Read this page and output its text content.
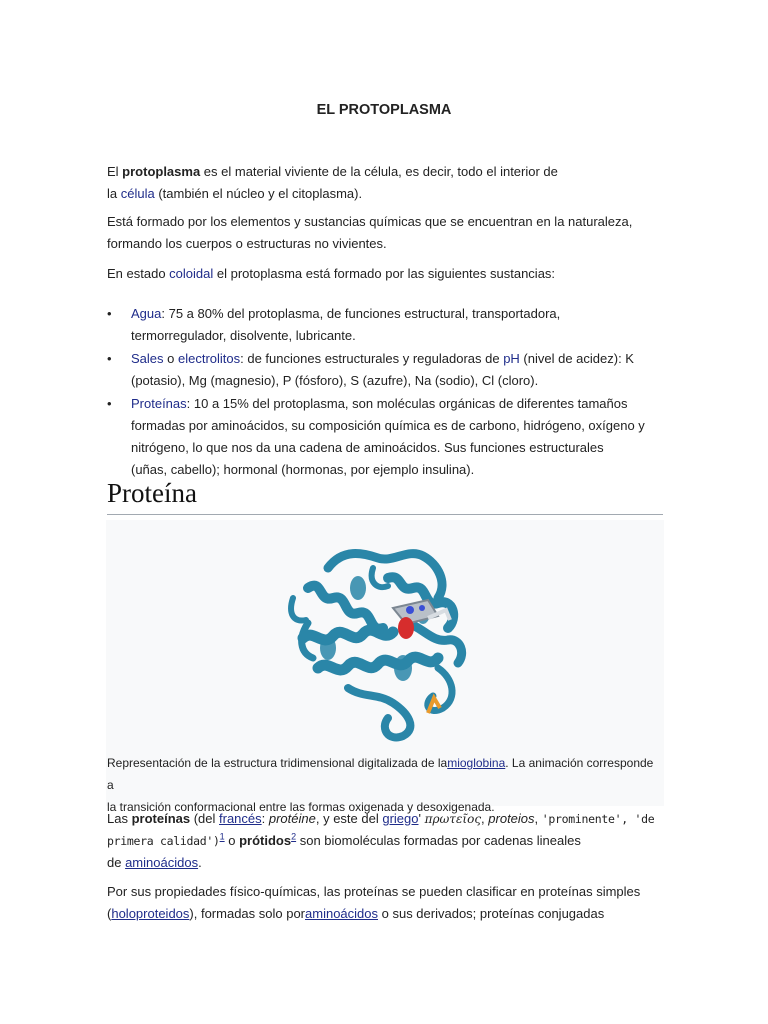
EL PROTOPLASMA

El protoplasma es el material viviente de la célula, es decir, todo el interior de
la célula (también el núcleo y el citoplasma).

Está formado por los elementos y sustancias químicas que se encuentran en la naturaleza,
formando los cuerpos o estructuras no vivientes.

En estado coloidal el protoplasma está formado por las siguientes sustancias:

• Agua: 75 a 80% del protoplasma, de funciones estructural, transportadora,
termorregulador, disolvente, lubricante.
• Sales o electrolitos: de funciones estructurales y reguladoras de pH (nivel de acidez): K
(potasio), Mg (magnesio), P (fósforo), S (azufre), Na (sodio), Cl (cloro).
• Proteínas: 10 a 15% del protoplasma, son moléculas orgánicas de diferentes tamaños
formadas por aminoácidos, su composición química es de carbono, hidrógeno, oxígeno y
nitrógeno, lo que nos da una cadena de aminoácidos. Sus funciones estructurales
(uñas, cabello); hormonal (hormonas, por ejemplo insulina).
Proteína
Representación de la estructura tridimensional digitalizada de lamioglobina. La animación corresponde a
la transición conformacional entre las formas oxigenada y desoxigenada.

Las proteínas (del francés: protéine, y este del griego' πρωτεῖος, proteios, 'prominente', 'de
primera calidad')$^1$ o prótidos$^2$ son biomoléculas formadas por cadenas lineales
de aminoácidos.

Por sus propiedades físico-químicas, las proteínas se pueden clasificar en proteínas simples
(holoproteidos), formadas solo poraminoácidos o sus derivados; proteínas conjugadas
